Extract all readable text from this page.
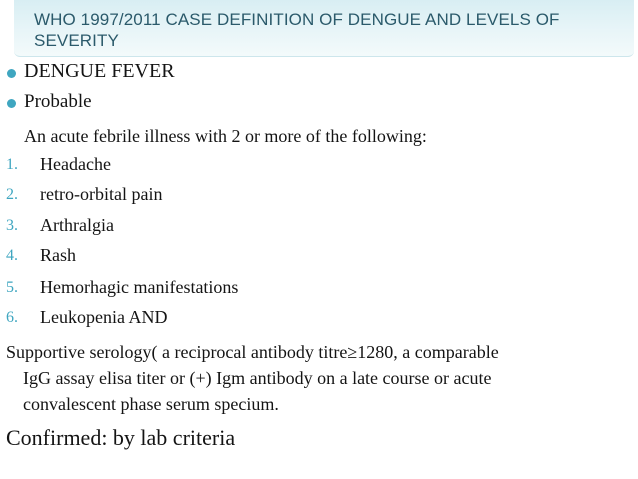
WHO 1997/2011 CASE DEFINITION OF DENGUE AND LEVELS OF SEVERITY
DENGUE FEVER
Probable
An acute febrile illness with 2 or more of the following:
1. Headache
2. retro-orbital pain
3. Arthralgia
4. Rash
5. Hemorhagic manifestations
6. Leukopenia AND
Supportive serology( a reciprocal antibody titre≥1280, a comparable
IgG assay elisa titer or (+) Igm antibody on a late course or acute
convalescent phase serum specium.
Confirmed: by lab criteria
